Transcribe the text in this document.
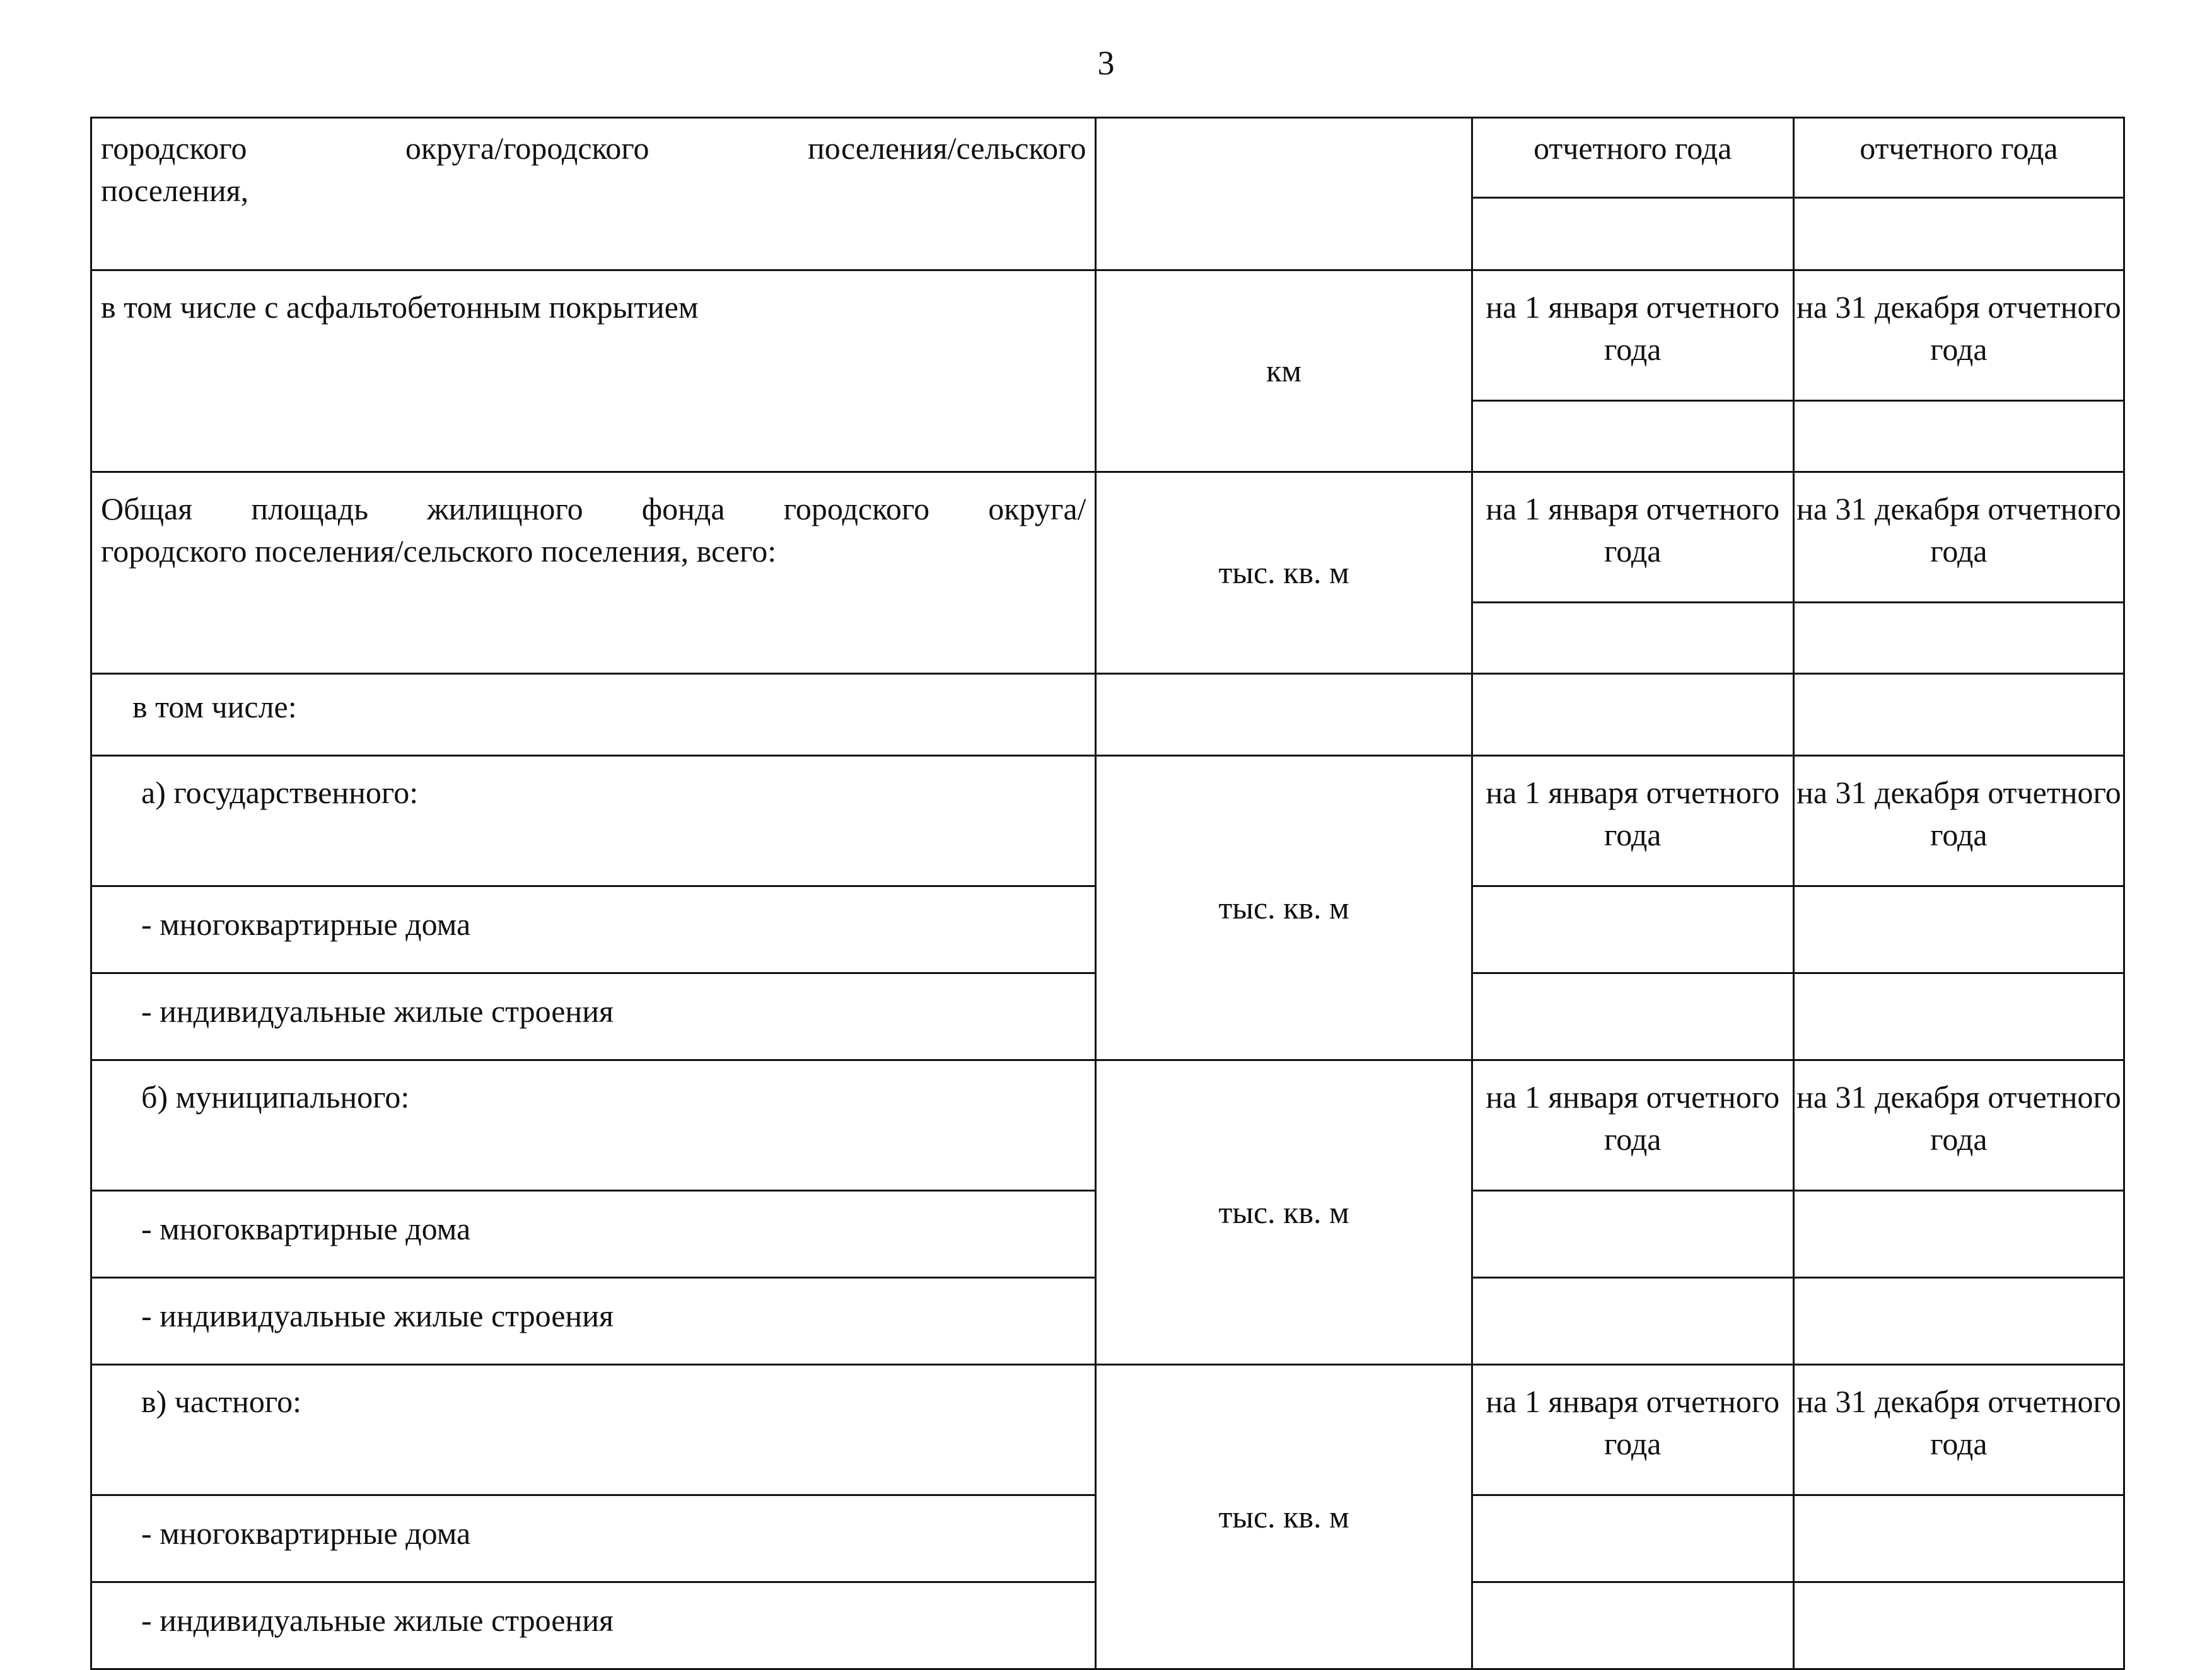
3
городского округа/городского поселения/сельского
поселения,		отчетного года	отчетного года

в том числе с асфальтобетонным покрытием	км	на 1 января отчетного года	на 31 декабря отчетного года

Общая площадь жилищного фонда городского округа/
городского поселения/сельского поселения, всего:	тыс. кв. м	на 1 января отчетного года	на 31 декабря отчетного года

в том числе:			
а) государственного:	тыс. кв. м	на 1 января отчетного года	на 31 декабря отчетного года
- многоквартирные дома			
- индивидуальные жилые строения			
б) муниципального:	тыс. кв. м	на 1 января отчетного года	на 31 декабря отчетного года
- многоквартирные дома			
- индивидуальные жилые строения			
в) частного:	тыс. кв. м	на 1 января отчетного года	на 31 декабря отчетного года
- многоквартирные дома			
- индивидуальные жилые строения			
